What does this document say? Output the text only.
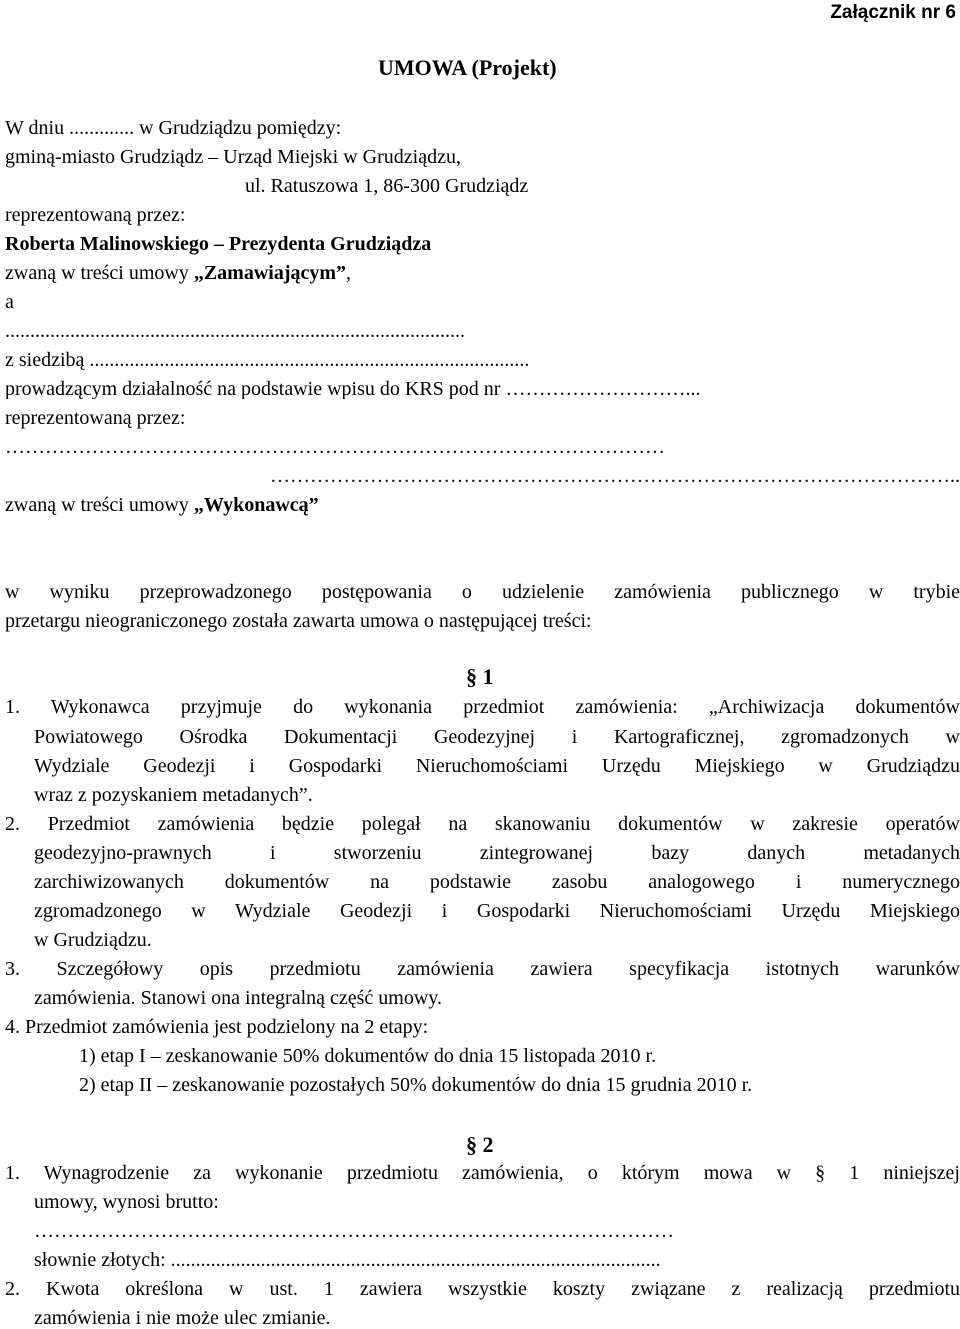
Załącznik nr 6
UMOWA (Projekt)
W dniu ............. w Grudziądzu pomiędzy:
gminą-miasto Grudziądz – Urząd Miejski w Grudziądzu,
ul. Ratuszowa 1, 86-300 Grudziądz
reprezentowaną przez:
Roberta Malinowskiego – Prezydenta Grudziądza
zwaną w treści umowy „Zamawiającym”,
a
............................................................................................
z siedzibą ........................................................................................
prowadzącym działalność na podstawie wpisu do KRS pod nr ………………………...
reprezentowaną przez:
………………………………………………………………………………………
…………………………………………………………………………………………..
zwaną w treści umowy „Wykonawcą”
w wyniku przeprowadzonego postępowania o udzielenie zamówienia publicznego w trybie
przetargu nieograniczonego została zawarta umowa o następującej treści:
§ 1
1. Wykonawca przyjmuje do wykonania przedmiot zamówienia: „Archiwizacja dokumentów
Powiatowego Ośrodka Dokumentacji Geodezyjnej i Kartograficznej, zgromadzonych w
Wydziale Geodezji i Gospodarki Nieruchomościami Urzędu Miejskiego w Grudziądzu
wraz z pozyskaniem metadanych”.
2. Przedmiot zamówienia będzie polegał na skanowaniu dokumentów w zakresie operatów
geodezyjno-prawnych i stworzeniu zintegrowanej bazy danych metadanych
zarchiwizowanych dokumentów na podstawie zasobu analogowego i numerycznego
zgromadzonego w Wydziale Geodezji i Gospodarki Nieruchomościami Urzędu Miejskiego
w Grudziądzu.
3. Szczegółowy opis przedmiotu zamówienia zawiera specyfikacja istotnych warunków
zamówienia. Stanowi ona integralną część umowy.
4. Przedmiot zamówienia jest podzielony na 2 etapy:
1) etap I – zeskanowanie 50% dokumentów do dnia 15 listopada 2010 r.
2) etap II – zeskanowanie pozostałych 50% dokumentów do dnia 15 grudnia 2010 r.
§ 2
1. Wynagrodzenie za wykonanie przedmiotu zamówienia, o którym mowa w § 1 niniejszej
umowy, wynosi brutto:
……………………………………………………………………………………
słownie złotych: ..................................................................................................
2. Kwota określona w ust. 1 zawiera wszystkie koszty związane z realizacją przedmiotu
zamówienia i nie może ulec zmianie.
